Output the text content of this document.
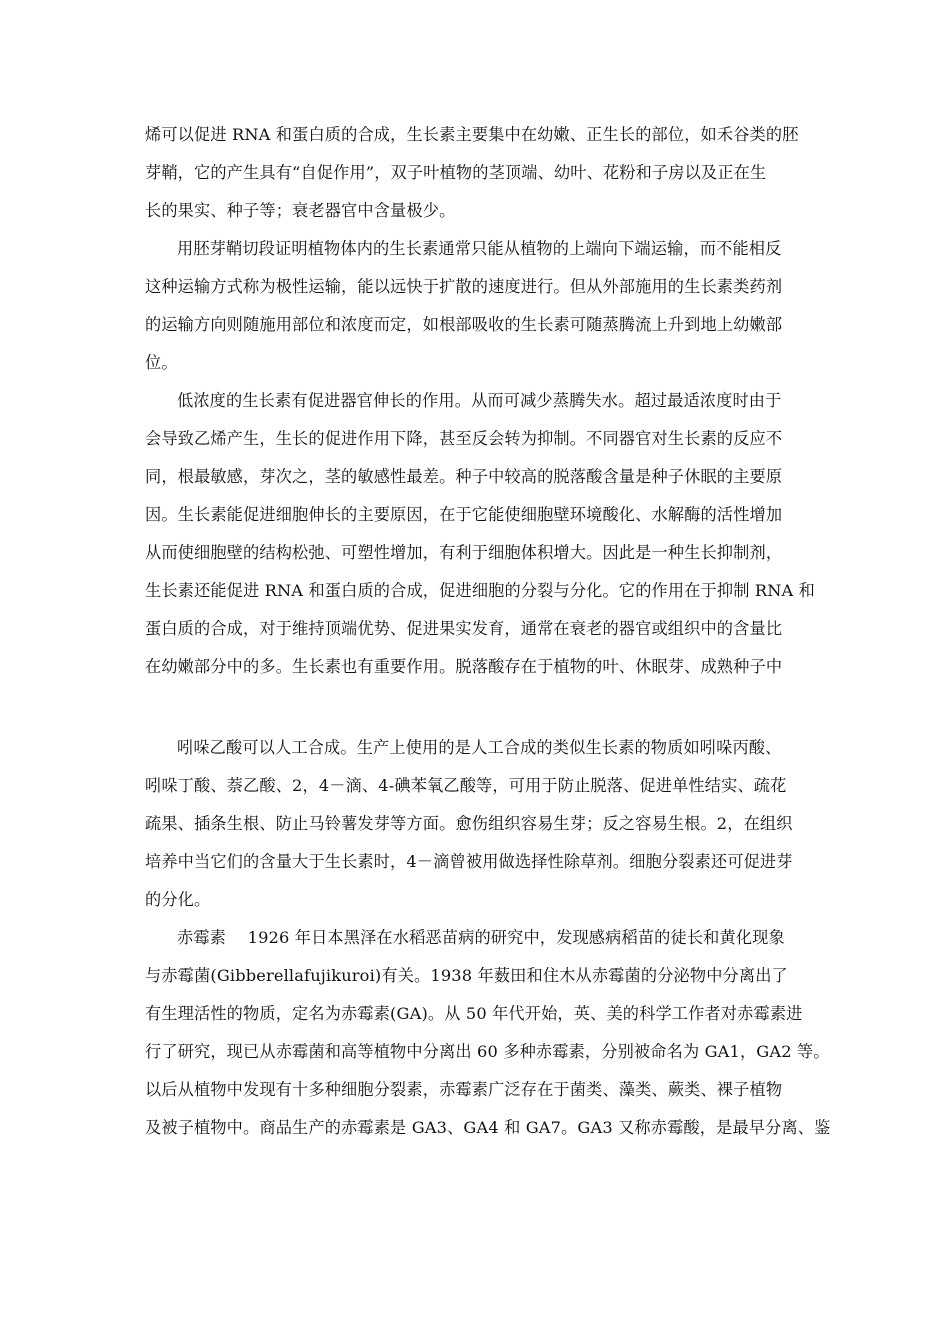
烯可以促进 RNA 和蛋白质的合成，生长素主要集中在幼嫩、正生长的部位，如禾谷类的胚
芽鞘，它的产生具有“自促作用”，双子叶植物的茎顶端、幼叶、花粉和子房以及正在生
长的果实、种子等；衰老器官中含量极少。
用胚芽鞘切段证明植物体内的生长素通常只能从植物的上端向下端运输，而不能相反
这种运输方式称为极性运输，能以远快于扩散的速度进行。但从外部施用的生长素类药剂
的运输方向则随施用部位和浓度而定，如根部吸收的生长素可随蒸腾流上升到地上幼嫩部
位。
低浓度的生长素有促进器官伸长的作用。从而可减少蒸腾失水。超过最适浓度时由于
会导致乙烯产生，生长的促进作用下降，甚至反会转为抑制。不同器官对生长素的反应不
同，根最敏感，芽次之，茎的敏感性最差。种子中较高的脱落酸含量是种子休眠的主要原
因。生长素能促进细胞伸长的主要原因，在于它能使细胞壁环境酸化、水解酶的活性增加
从而使细胞壁的结构松弛、可塑性增加，有利于细胞体积增大。因此是一种生长抑制剂，
生长素还能促进 RNA 和蛋白质的合成，促进细胞的分裂与分化。它的作用在于抑制 RNA 和
蛋白质的合成，对于维持顶端优势、促进果实发育，通常在衰老的器官或组织中的含量比
在幼嫩部分中的多。生长素也有重要作用。脱落酸存在于植物的叶、休眠芽、成熟种子中
吲哚乙酸可以人工合成。生产上使用的是人工合成的类似生长素的物质如吲哚丙酸、
吲哚丁酸、萘乙酸、2，4－滴、4-碘苯氧乙酸等，可用于防止脱落、促进单性结实、疏花
疏果、插条生根、防止马铃薯发芽等方面。愈伤组织容易生芽；反之容易生根。2，在组织
培养中当它们的含量大于生长素时，4－滴曾被用做选择性除草剂。细胞分裂素还可促进芽
的分化。
赤霉素　 1926 年日本黑泽在水稻恶苗病的研究中，发现感病稻苗的徒长和黄化现象
与赤霉菌(Gibberellafujikuroi)有关。1938 年薮田和住木从赤霉菌的分泌物中分离出了
有生理活性的物质，定名为赤霉素(GA)。从 50 年代开始，英、美的科学工作者对赤霉素进
行了研究，现已从赤霉菌和高等植物中分离出 60 多种赤霉素，分别被命名为 GA1，GA2 等。
以后从植物中发现有十多种细胞分裂素，赤霉素广泛存在于菌类、藻类、蕨类、裸子植物
及被子植物中。商品生产的赤霉素是 GA3、GA4 和 GA7。GA3 又称赤霉酸，是最早分离、鉴
